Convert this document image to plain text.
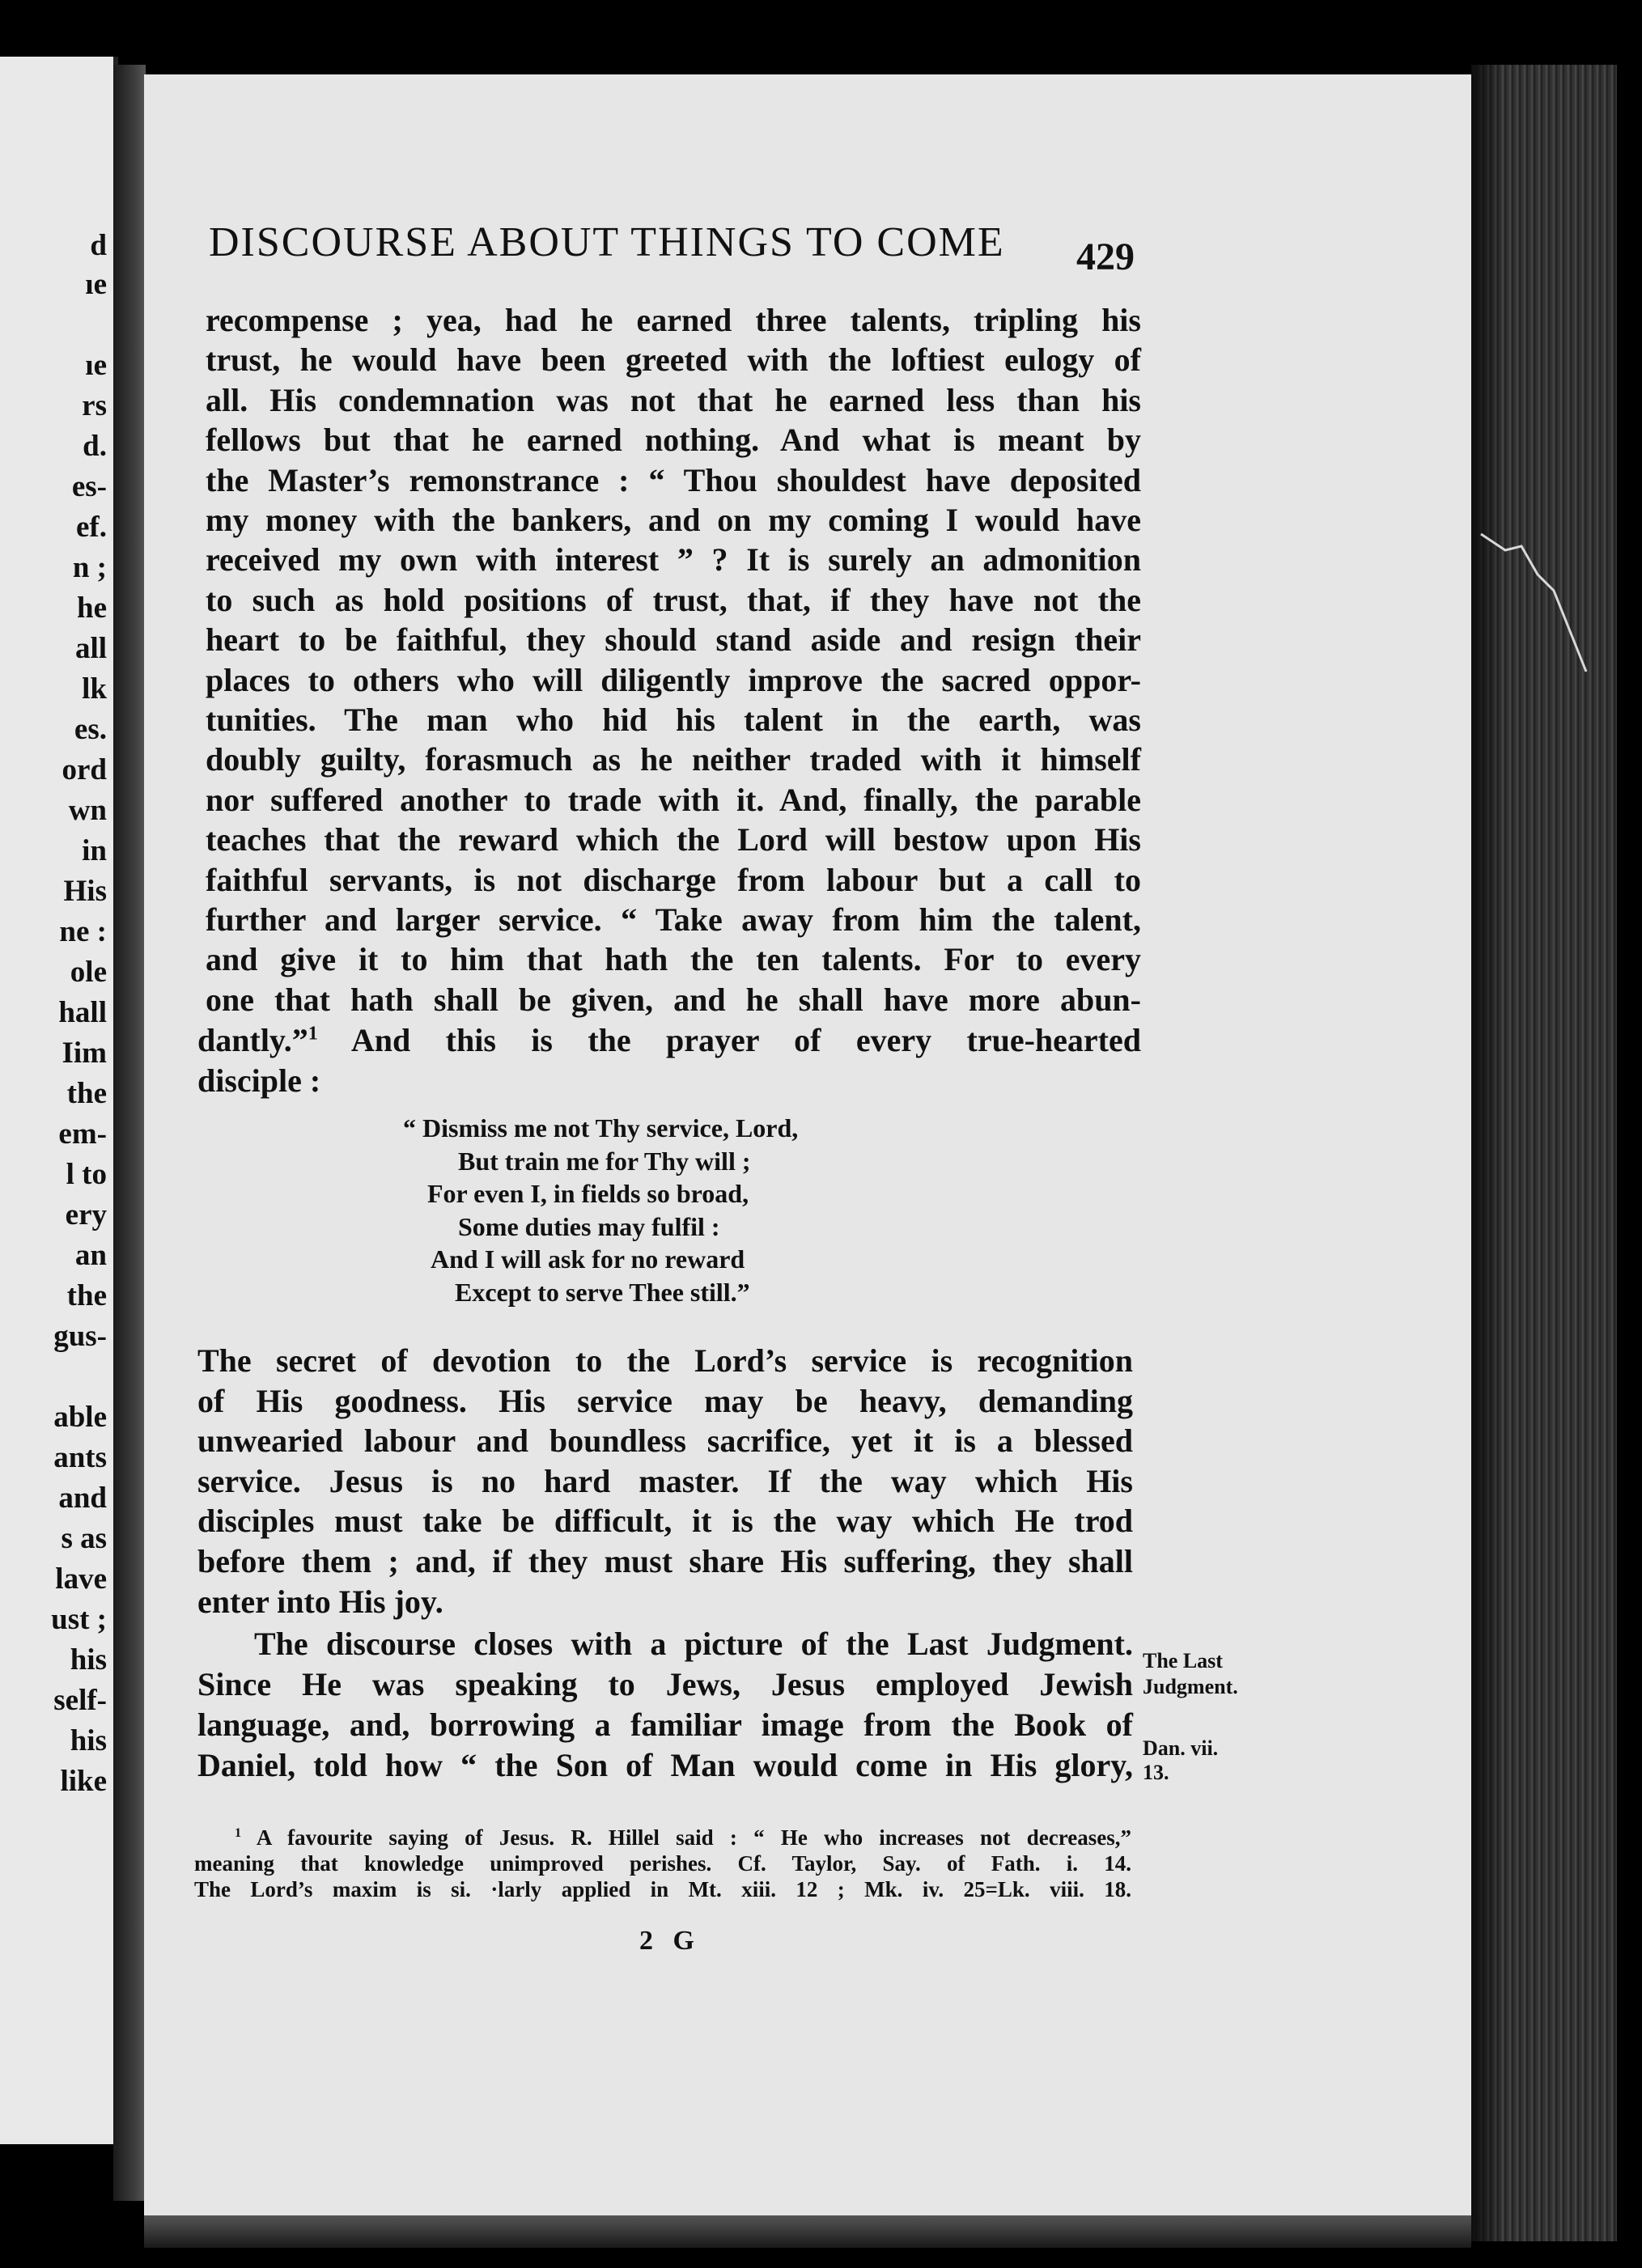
d
ıe
ıe
rs
d.
es-
ef.
n ;
he
all
lk
es.
ord
wn
in
His
ne :
ole
hall
Iim
the
em-
l to
ery
an
the
gus-
able
ants
and
s as
lave
ust ;
his
self-
his
like
DISCOURSE ABOUT THINGS TO COME	429
recompense ; yea, had he earned three talents, tripling his
trust, he would have been greeted with the loftiest eulogy of
all. His condemnation was not that he earned less than his
fellows but that he earned nothing. And what is meant by
the Master’s remonstrance : “ Thou shouldest have deposited
my money with the bankers, and on my coming I would have
received my own with interest ” ? It is surely an admonition
to such as hold positions of trust, that, if they have not the
heart to be faithful, they should stand aside and resign their
places to others who will diligently improve the sacred oppor-
tunities. The man who hid his talent in the earth, was
doubly guilty, forasmuch as he neither traded with it himself
nor suffered another to trade with it. And, finally, the parable
teaches that the reward which the Lord will bestow upon His
faithful servants, is not discharge from labour but a call to
further and larger service. “ Take away from him the talent,
and give it to him that hath the ten talents. For to every
one that hath shall be given, and he shall have more abun-
dantly.”$^1$ And this is the prayer of every true-hearted
disciple :
“ Dismiss me not Thy service, Lord,
But train me for Thy will ;
For even I, in fields so broad,
Some duties may fulfil :
And I will ask for no reward
Except to serve Thee still.”
The secret of devotion to the Lord’s service is recognition
of His goodness. His service may be heavy, demanding
unwearied labour and boundless sacrifice, yet it is a blessed
service. Jesus is no hard master. If the way which His
disciples must take be difficult, it is the way which He trod
before them ; and, if they must share His suffering, they shall
enter into His joy.
The discourse closes with a picture of the Last Judgment.
Since He was speaking to Jews, Jesus employed Jewish
language, and, borrowing a familiar image from the Book of
Daniel, told how “ the Son of Man would come in His glory,
The Last
Judgment.
Dan. vii.
13.
$^1$ A favourite saying of Jesus. R. Hillel said : “ He who increases not decreases,”
meaning that knowledge unimproved perishes. Cf. Taylor, Say. of Fath. i. 14.
The Lord’s maxim is si. ·larly applied in Mt. xiii. 12 ; Mk. iv. 25=Lk. viii. 18.
2 G
